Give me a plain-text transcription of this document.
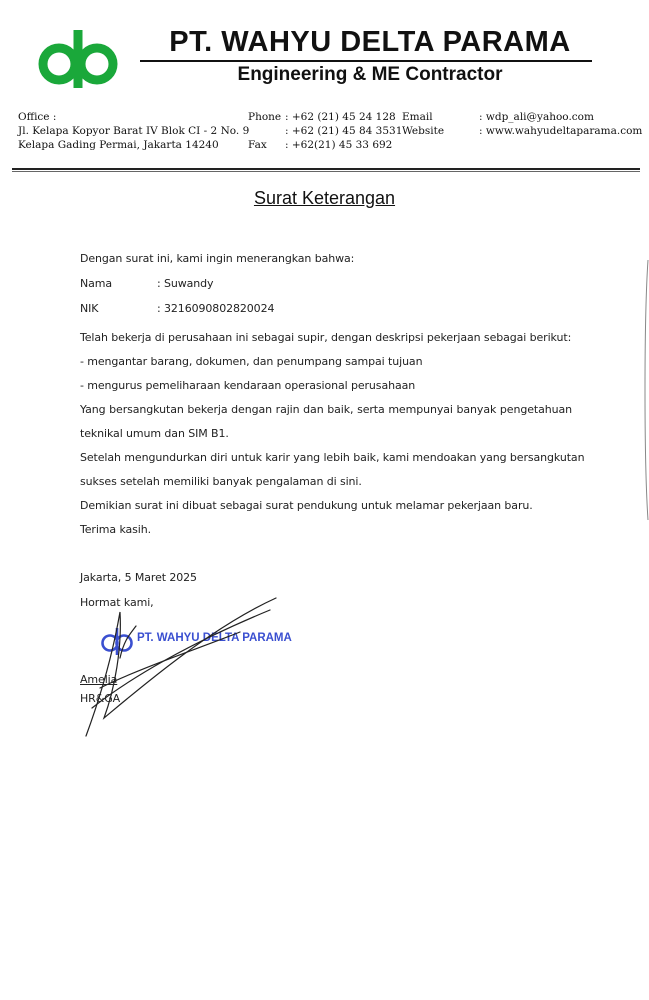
PT. WAHYU DELTA PARAMA
Engineering & ME Contractor
Office :
Jl. Kelapa Kopyor Barat IV Blok CI - 2 No. 9
Kelapa Gading Permai, Jakarta 14240
Phone : +62 (21) 45 24 128
: +62 (21) 45 84 3531
Fax : +62(21) 45 33 692
Email
Website
: wdp_ali@yahoo.com
: www.wahyudeltaparama.com
Surat Keterangan
Dengan surat ini, kami ingin menerangkan bahwa:
Nama	: Suwandy
NIK	: 3216090802820024
Telah bekerja di perusahaan ini sebagai supir, dengan deskripsi pekerjaan sebagai berikut:
- mengantar barang, dokumen, dan penumpang sampai tujuan
- mengurus pemeliharaan kendaraan operasional perusahaan
Yang bersangkutan bekerja dengan rajin dan baik, serta mempunyai banyak pengetahuan
teknikal umum dan SIM B1.
Setelah mengundurkan diri untuk karir yang lebih baik, kami mendoakan yang bersangkutan
sukses setelah memiliki banyak pengalaman di sini.
Demikian surat ini dibuat sebagai surat pendukung untuk melamar pekerjaan baru.
Terima kasih.
Jakarta, 5 Maret 2025
Hormat kami,
PT. WAHYU DELTA PARAMA
Amelia
HR&GA
